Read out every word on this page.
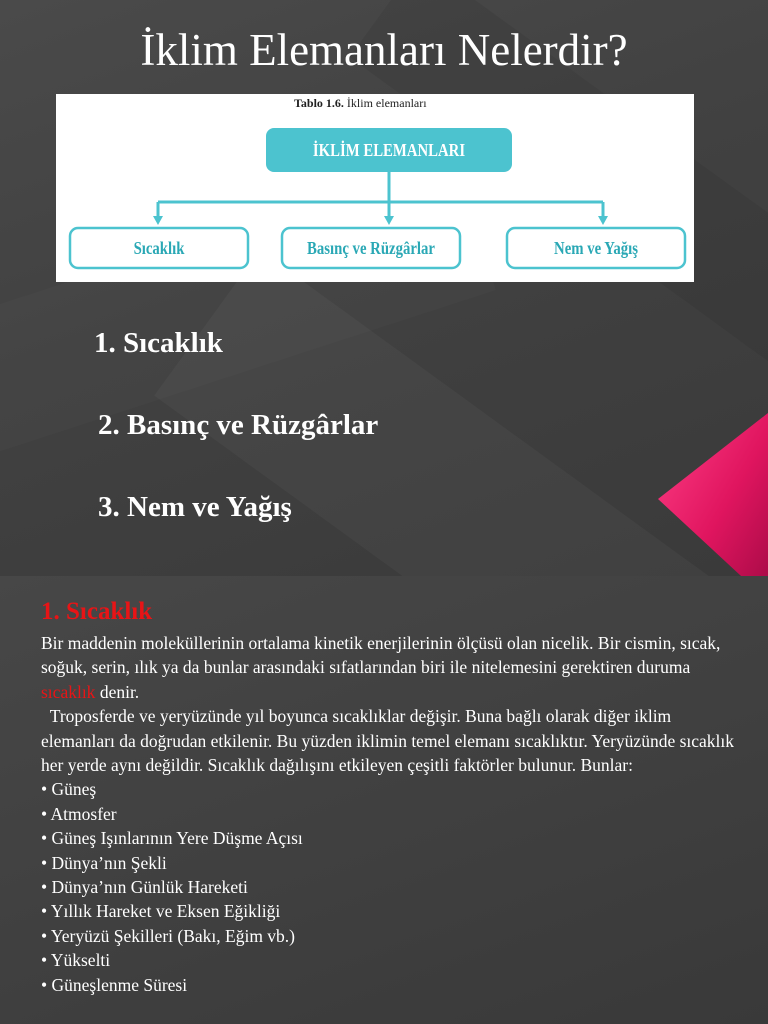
İklim Elemanları Nelerdir?
Tablo 1.6. İklim elemanları
İKLİM ELEMANLARI
Sıcaklık	Basınç ve Rüzgârlar	Nem ve Yağış
1. Sıcaklık
2. Basınç ve Rüzgârlar
3. Nem ve Yağış
1. Sıcaklık

Bir maddenin moleküllerinin ortalama kinetik enerjilerinin ölçüsü olan nicelik. Bir cismin, sıcak, soğuk, serin, ılık ya da bunlar arasındaki sıfatlarından biri ile nitelemesini gerektiren duruma sıcaklık denir.

Troposferde ve yeryüzünde yıl boyunca sıcaklıklar değişir. Buna bağlı olarak diğer iklim elemanları da doğrudan etkilenir. Bu yüzden iklimin temel elemanı sıcaklıktır. Yeryüzünde sıcaklık her yerde aynı değildir. Sıcaklık dağılışını etkileyen çeşitli faktörler bulunur. Bunlar:

• Güneş
• Atmosfer
• Güneş Işınlarının Yere Düşme Açısı
• Dünya’nın Şekli
• Dünya’nın Günlük Hareketi
• Yıllık Hareket ve Eksen Eğikliği
• Yeryüzü Şekilleri (Bakı, Eğim vb.)
• Yükselti
• Güneşlenme Süresi
